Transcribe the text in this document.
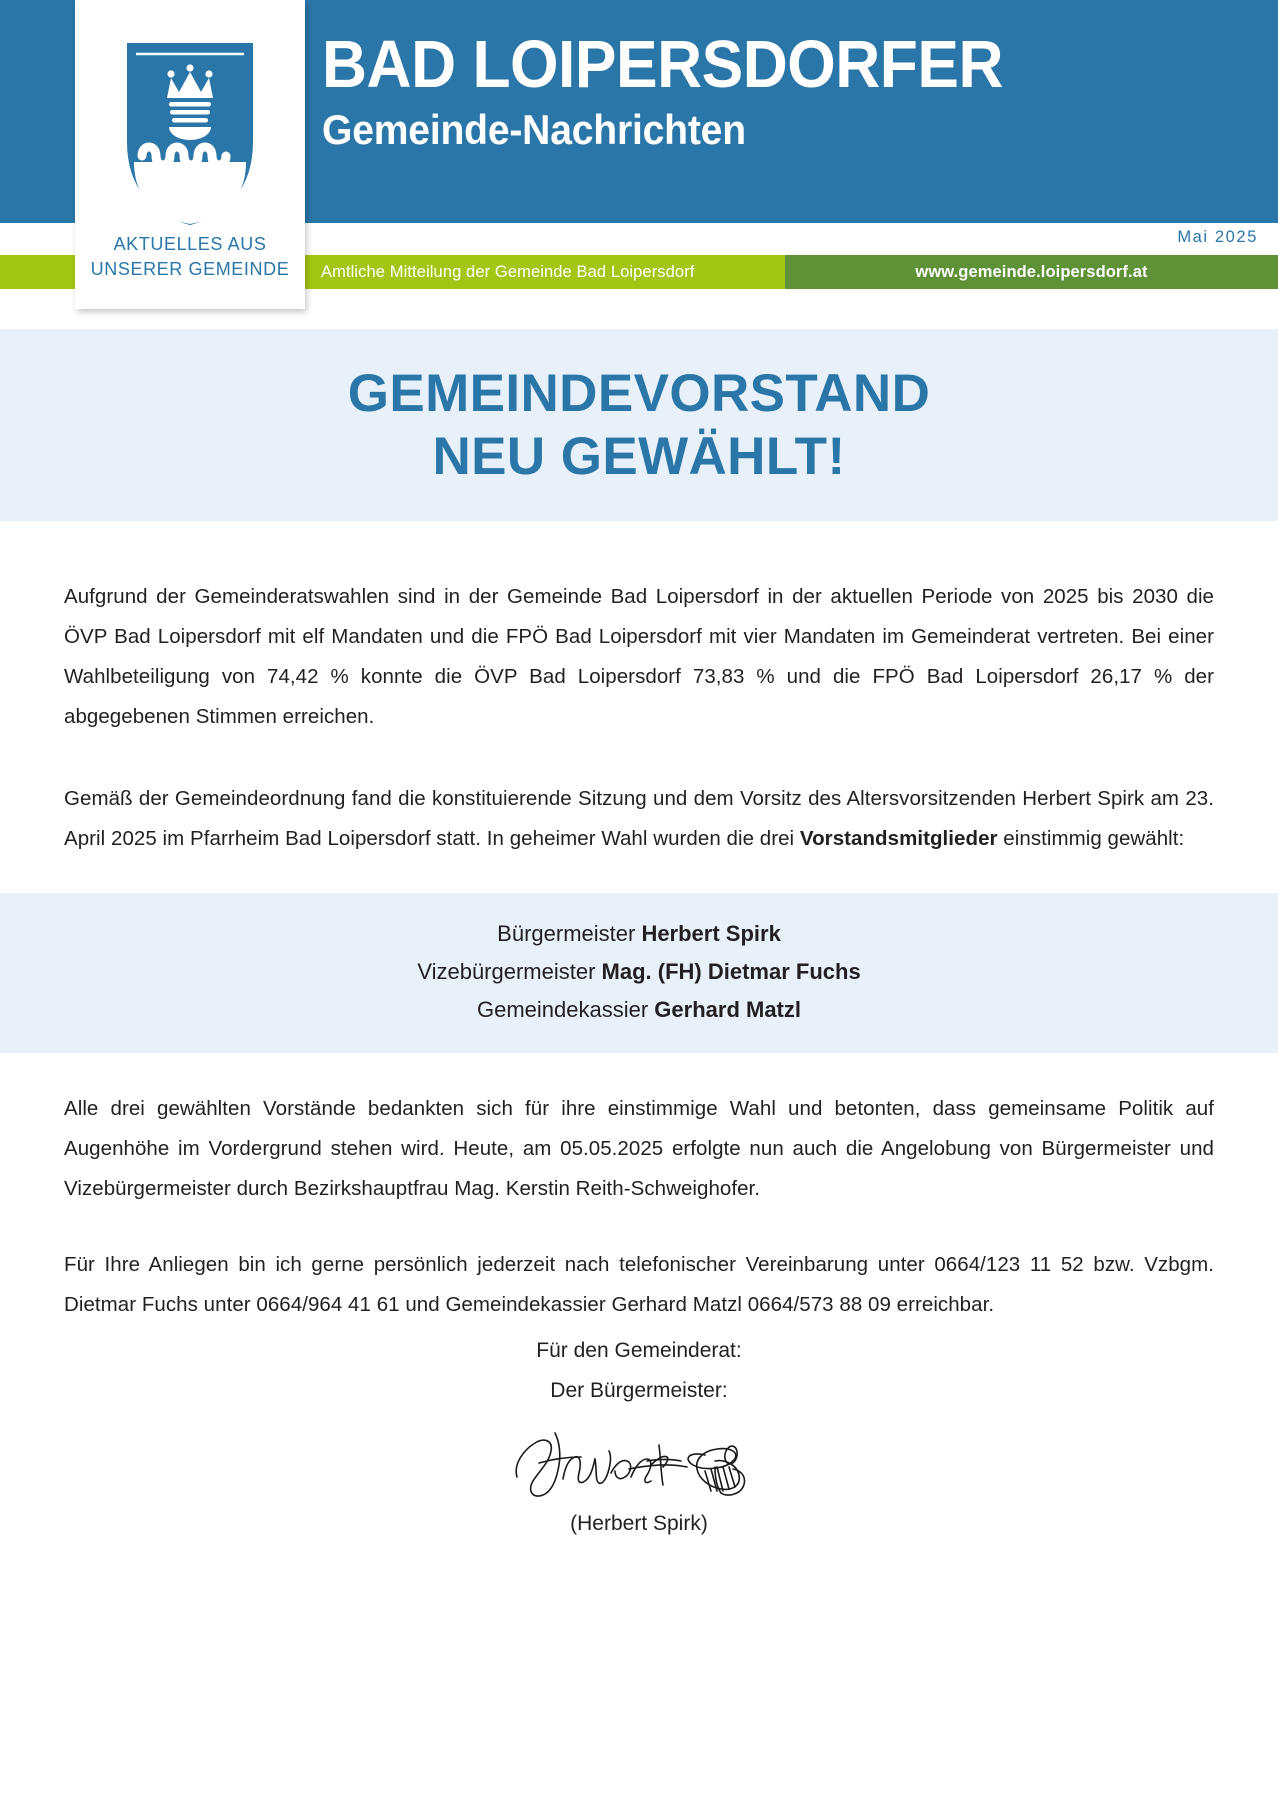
BAD LOIPERSDORFER
Gemeinde-Nachrichten
Mai 2025
Amtliche Mitteilung der Gemeinde Bad Loipersdorf	www.gemeinde.loipersdorf.at
AKTUELLES AUS
UNSERER GEMEINDE
GEMEINDEVORSTAND
NEU GEWÄHLT!

Aufgrund der Gemeinderatswahlen sind in der Gemeinde Bad Loipersdorf in der aktuellen Periode von 2025 bis 2030 die ÖVP Bad Loipersdorf mit elf Mandaten und die FPÖ Bad Loipersdorf mit vier Mandaten im Gemeinderat vertreten. Bei einer Wahlbeteiligung von 74,42 % konnte die ÖVP Bad Loipersdorf 73,83 % und die FPÖ Bad Loipersdorf 26,17 % der abgegebenen Stimmen erreichen.

Gemäß der Gemeindeordnung fand die konstituierende Sitzung und dem Vorsitz des Altersvorsitzenden Herbert Spirk am 23. April 2025 im Pfarrheim Bad Loipersdorf statt. In geheimer Wahl wurden die drei Vorstandsmitglieder einstimmig gewählt:

Bürgermeister Herbert Spirk
Vizebürgermeister Mag. (FH) Dietmar Fuchs
Gemeindekassier Gerhard Matzl

Alle drei gewählten Vorstände bedankten sich für ihre einstimmige Wahl und betonten, dass gemeinsame Politik auf Augenhöhe im Vordergrund stehen wird. Heute, am 05.05.2025 erfolgte nun auch die Angelobung von Bürgermeister und Vizebürgermeister durch Bezirkshauptfrau Mag. Kerstin Reith-Schweighofer.

Für Ihre Anliegen bin ich gerne persönlich jederzeit nach telefonischer Vereinbarung unter 0664/123 11 52 bzw. Vzbgm. Dietmar Fuchs unter 0664/964 41 61 und Gemeindekassier Gerhard Matzl 0664/573 88 09 erreichbar.

Für den Gemeinderat:
Der Bürgermeister:
(Herbert Spirk)
